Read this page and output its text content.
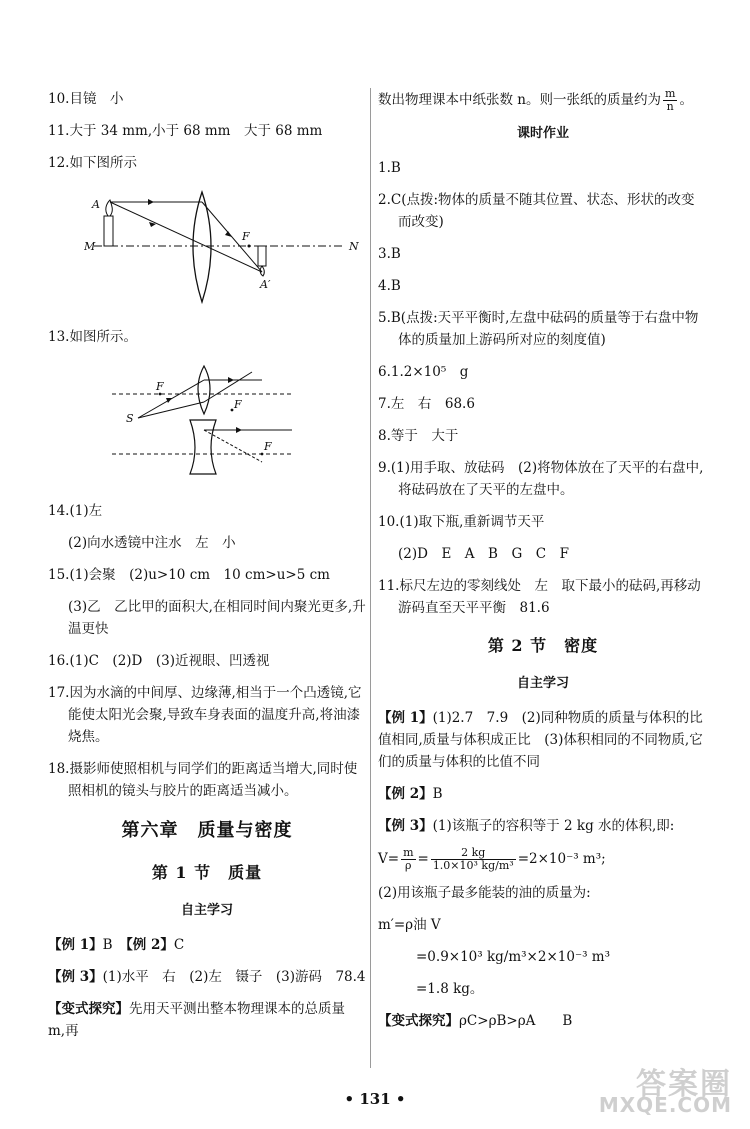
10.目镜　小
11.大于 34 mm,小于 68 mm　大于 68 mm
12.如下图所示
A
M
F
N
A′
13.如图所示。
S
F
F
F
14.(1)左
(2)向水透镜中注水　左　小
15.(1)会聚　(2)u>10 cm　10 cm>u>5 cm
(3)乙　乙比甲的面积大,在相同时间内聚光更多,升温更快
16.(1)C　(2)D　(3)近视眼、凹透视
17.因为水滴的中间厚、边缘薄,相当于一个凸透镜,它能使太阳光会聚,导致车身表面的温度升高,将油漆烧焦。
18.摄影师使照相机与同学们的距离适当增大,同时使照相机的镜头与胶片的距离适当减小。
第六章　质量与密度
第 1 节　质量
自主学习
【例 1】B　 【例 2】C
【例 3】(1)水平　右　(2)左　镊子　(3)游码　78.4
【变式探究】先用天平测出整本物理课本的总质量 m,再
数出物理课本中纸张数 n。则一张纸的质量约为 $\frac{m}{n}$ 。
课时作业
1.B
2.C(点拨:物体的质量不随其位置、状态、形状的改变而改变)
3.B
4.B
5.B(点拨:天平平衡时,左盘中砝码的质量等于右盘中物体的质量加上游码所对应的刻度值)
6.1.2×10⁵　g
7.左　右　68.6
8.等于　大于
9.(1)用手取、放砝码　(2)将物体放在了天平的右盘中,将砝码放在了天平的左盘中。
10.(1)取下瓶,重新调节天平
(2)D　E　A　B　G　C　F
11.标尺左边的零刻线处　左　取下最小的砝码,再移动游码直至天平平衡　81.6
第 2 节　密度
自主学习
【例 1】(1)2.7　7.9　(2)同种物质的质量与体积的比值相同,质量与体积成正比　(3)体积相同的不同物质,它们的质量与体积的比值不同
【例 2】B
【例 3】(1)该瓶子的容积等于 2 kg 水的体积,即:
$V= \frac{m}{\rho} = \frac{2 kg}{\text{1.0×10³ kg/m³}} =2\times 10^{-3}$ m³;
(2)用该瓶子最多能装的油的质量为:
m′=ρ油 V
=0.9×10³ kg/m³×2×10⁻³ m³
=1.8 kg。
【变式探究】ρC>ρB>ρA　　B
• 131 •	答案圈
MXQE.COM
